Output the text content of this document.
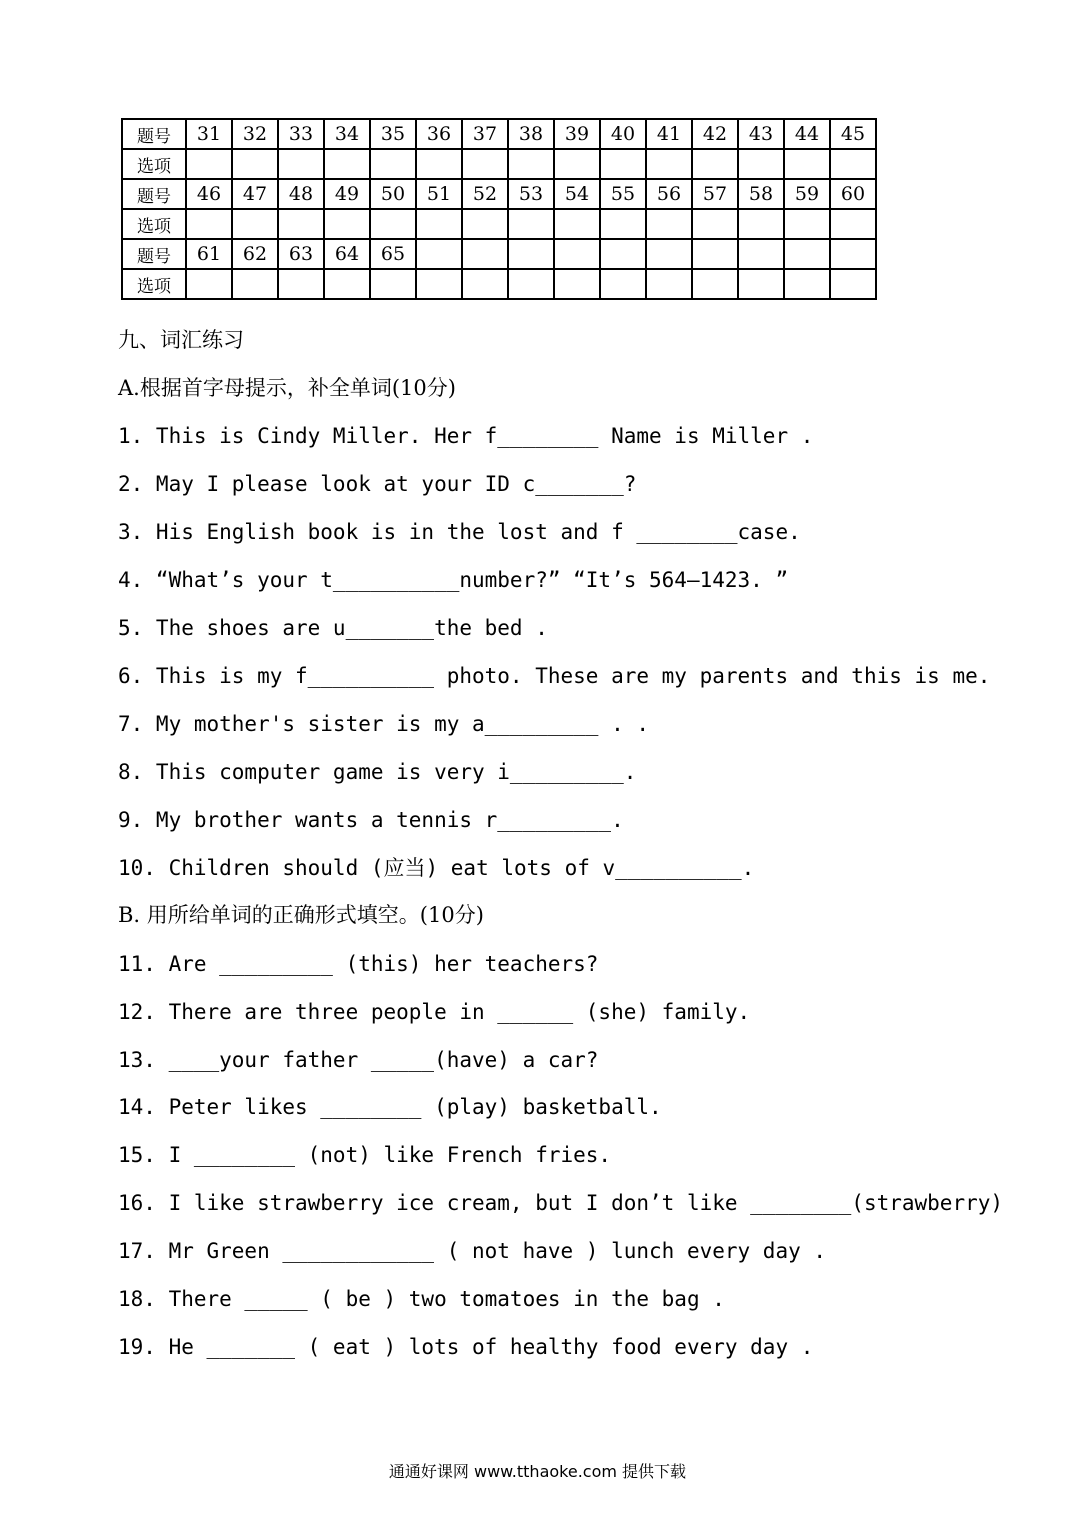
题号	31	32	33	34	35	36	37	38	39	40	41	42	43	44	45
选项															
题号	46	47	48	49	50	51	52	53	54	55	56	57	58	59	60
选项															
题号	61	62	63	64	65										
选项															
九、词汇练习
A.根据首字母提示，补全单词(10分)
1. This is Cindy Miller. Her f________ Name is Miller .
2. May I please look at your ID c_______?
3. His English book is in the lost and f ________case.
4. “What’s your t__________number?” “It’s 564—1423. ”
5. The shoes are u_______the bed .
6. This is my f__________ photo. These are my parents and this is me.
7. My mother's sister is my a_________ . .
8. This computer game is very i_________.
9. My brother wants a tennis r_________.
10. Children should (应当) eat lots of v__________.
B. 用所给单词的正确形式填空。(10分)
11. Are _________ (this) her teachers?
12. There are three people in ______ (she) family.
13. ____your father _____(have) a car?
14. Peter likes ________ (play) basketball.
15. I ________ (not) like French fries.
16. I like strawberry ice cream, but I don’t like ________(strawberry)
17. Mr Green ____________ ( not have ) lunch every day .
18. There _____ ( be ) two tomatoes in the bag .
19. He _______ ( eat ) lots of healthy food every day .
通通好课网 www.tthaoke.com 提供下载
